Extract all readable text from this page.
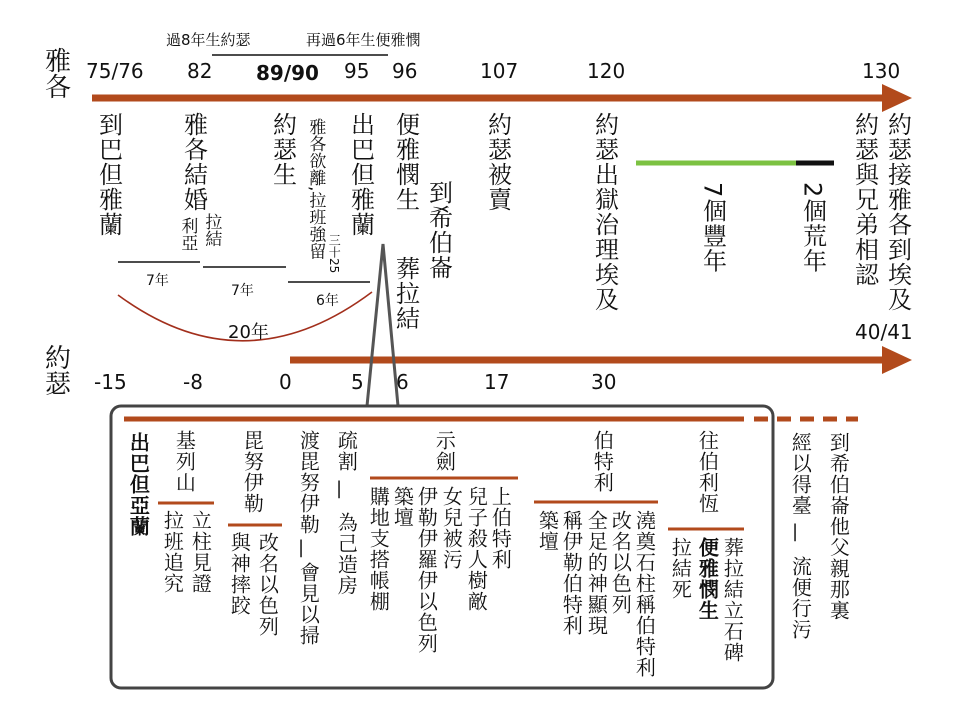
雅各
約瑟
過8年生約瑟	再過6年生便雅憫
75/76 82 89/90 95 96	107	120	130
到巴但雅蘭 雅各結婚
拉結
利亞
約瑟生 雅各欲離,拉班強留 三十25
出巴但雅蘭 便雅憫生
到希伯崙
葬拉結
約瑟被賣	約瑟出獄治理埃及	7個豐年	2個荒年 約瑟接雅各到埃及
約瑟與兄弟相認
7年
7年
6年
20年	40/41
-15	-8	0	5 6	17	30
出巴但亞蘭 基列山
立柱見證
拉班追究
毘努伊勒
改名以色列
與神摔跤
渡毘努伊勒
|
會見以掃
疏割
|
為己造房
示劍
上伯特利
兒子殺人樹敵
女兒被污
伊勒伊羅伊以色列
築壇
購地支搭帳棚
伯特利
澆奠石柱稱伯特利
改名以色列
全足的神顯現
稱伊勒伯特利
築壇
往伯利恆
葬拉結立石碑
便雅憫生
拉結死
經以得臺
|
流便行污 到希伯崙他父親那裏
